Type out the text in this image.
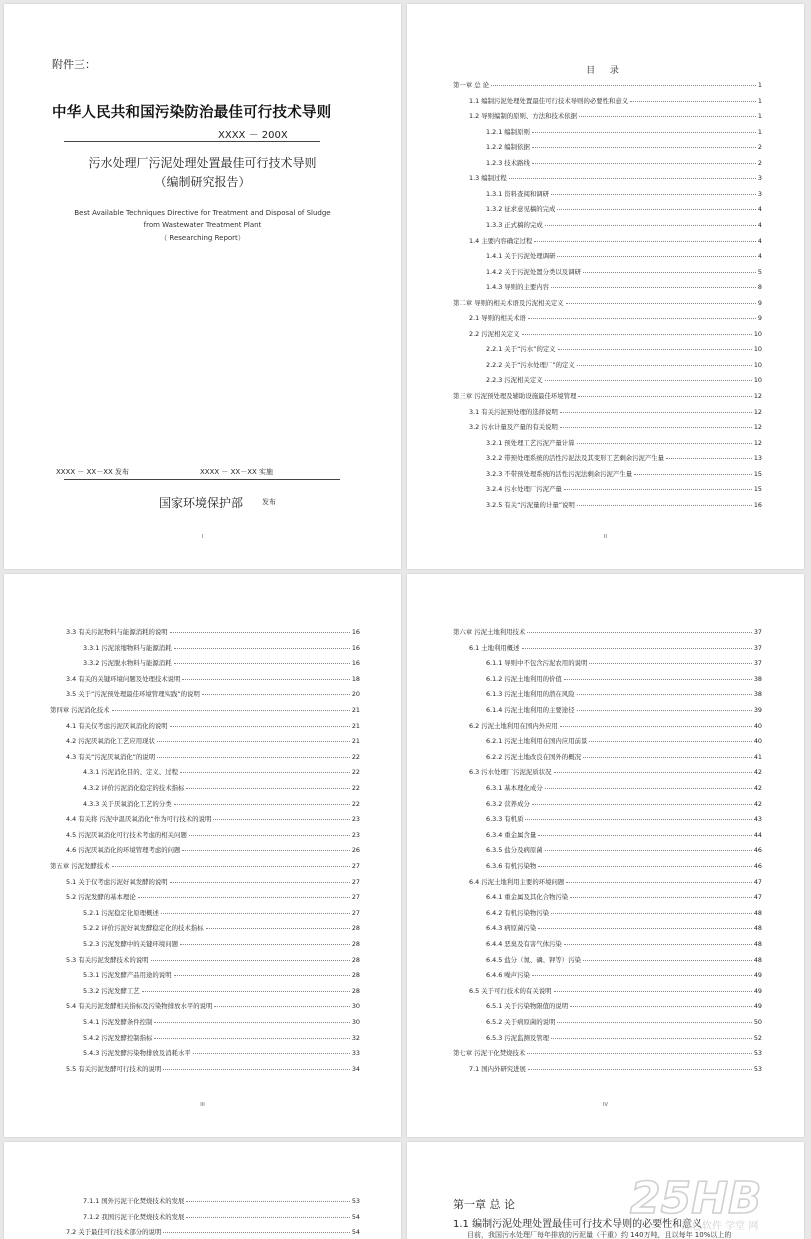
附件三：
中华人民共和国污染防治最佳可行技术导则
XXXX － 200X
污水处理厂污泥处理处置最佳可行技术导则
（编制研究报告）
Best Available Techniques Directive for Treatment and Disposal of Sludge
from Wastewater Treatment Plant
（ Researching Report）
XXXX － XX－XX 发布	XXXX － XX－XX 实施
国家环境保护部	发布
I
目 录
第一章 总 论	1
1.1 编制污泥处理处置最佳可行技术导则的必要性和意义	1
1.2 导则编制的原则、方法和技术依据	1
1.2.1 编制原则	1
1.2.2 编制依据	2
1.2.3 技术路线	2
1.3 编制过程	3
1.3.1 资料查阅和调研	3
1.3.2 征求意见稿的完成	4
1.3.3 正式稿的完成	4
1.4 主要内容确定过程	4
1.4.1 关于污泥处理调研	4
1.4.2 关于污泥处置分类以及调研	5
1.4.3 导则的主要内容	8
第二章 导则的相关术语及污泥相关定义	9
2.1 导则的相关术语	9
2.2 污泥相关定义	10
2.2.1 关于“污水”的定义	10
2.2.2 关于“污水处理厂”的定义	10
2.2.3 污泥相关定义	10
第三章 污泥预处理及辅助设施最佳环境管理	12
3.1 有关污泥预处理的选择说明	12
3.2 污水计量及产量的有关说明	12
3.2.1 预处理工艺污泥产量计算	12
3.2.2 带预处理系统的活性污泥法及其变形工艺剩余污泥产生量	13
3.2.3 不带预处理系统的活性污泥法剩余污泥产生量	15
3.2.4 污水处理厂污泥产量	15
3.2.5 有关“污泥量的计量”说明	16
II
3.3 有关污泥物料与能源消耗的说明	16
3.3.1 污泥浓缩物料与能源消耗	16
3.3.2 污泥脱水物料与能源消耗	16
3.4 有关的关键环境问题及处理技术说明	18
3.5 关于“污泥预处理最佳环境管理实践”的说明	20
第四章 污泥消化技术	21
4.1 有关仅考虑污泥厌氧消化的说明	21
4.2 污泥厌氧消化工艺应用现状	21
4.3 有关“污泥厌氧消化”的说明	22
4.3.1 污泥消化目的、定义、过程	22
4.3.2 评价污泥消化稳定的技术指标	22
4.3.3 关于厌氧消化工艺的分类	22
4.4 有关将 污泥中温厌氧消化“作为可行技术的说明	23
4.5 污泥厌氧消化可行技术考虑的相关问题	23
4.6 污泥厌氧消化的环境管理考虑的问题	26
第五章 污泥发酵技术	27
5.1 关于仅考虑污泥好氧发酵的说明	27
5.2 污泥发酵的基本理论	27
5.2.1 污泥稳定化原理概述	27
5.2.2 评价污泥好氧发酵稳定化的技术指标	28
5.2.3 污泥发酵中的关键环境问题	28
5.3 有关污泥发酵技术的说明	28
5.3.1 污泥发酵产品用途的说明	28
5.3.2 污泥发酵工艺	28
5.4 有关污泥发酵相关指标及污染物排放水平的说明	30
5.4.1 污泥发酵条件控制	30
5.4.2 污泥发酵控制指标	32
5.4.3 污泥发酵污染物排放及消耗水平	33
5.5 有关污泥发酵可行技术的说明	34
III
第六章 污泥土地利用技术	37
6.1 土地利用概述	37
6.1.1 导则中不包含污泥农用的说明	37
6.1.2 污泥土地利用的价值	38
6.1.3 污泥土地利用的潜在风险	38
6.1.4 污泥土地利用的主要途径	39
6.2 污泥土地利用在国内外应用	40
6.2.1 污泥土地利用在国内应用前景	40
6.2.2 污泥土地改良在国外的概况	41
6.3 污水处理厂污泥泥质状况	42
6.3.1 基本理化成分	42
6.3.2 营养成分	42
6.3.3 有机质	43
6.3.4 重金属含量	44
6.3.5 盐分及病原菌	46
6.3.6 有机污染物	46
6.4 污泥土地利用主要的环境问题	47
6.4.1 重金属及其化合物污染	47
6.4.2 有机污染物污染	48
6.4.3 病原菌污染	48
6.4.4 恶臭及有害气体污染	48
6.4.5 盐分（氮、磷、钾等）污染	48
6.4.6 噪声污染	49
6.5 关于可行技术的有关说明	49
6.5.1 关于污染物限值的说明	49
6.5.2 关于病原菌的说明	50
6.5.3 污泥监测及管理	52
第七章 污泥干化焚烧技术	53
7.1 国内外研究进展	53
IV
7.1.1 国外污泥干化焚烧技术的发展	53
7.1.2 我国污泥干化焚烧技术的发展	54
7.2 关于最佳可行技术部分的说明	54
第一章 总 论
1.1 编制污泥处理处置最佳可行技术导则的必要性和意义
目前，我国污水处理厂每年排放的污泥量（干重）约 140万吨，且以每年 10%以上的
25HB
绿色软件 学堂 网
